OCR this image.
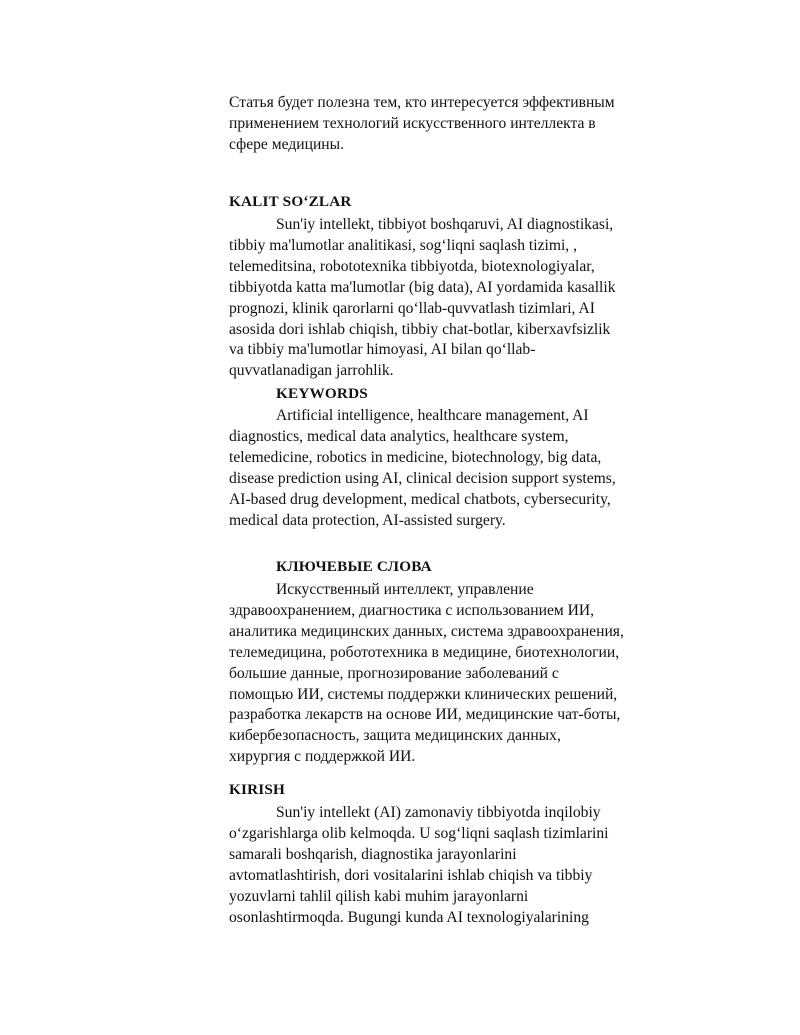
Статья будет полезна тем, кто интересуется эффективным применением технологий искусственного интеллекта в сфере медицины.

KALIT SO‘ZLAR

Sun'iy intellekt, tibbiyot boshqaruvi, AI diagnostikasi, tibbiy ma'lumotlar analitikasi, sog‘liqni saqlash tizimi, , telemeditsina, robototexnika tibbiyotda, biotexnologiyalar, tibbiyotda katta ma'lumotlar (big data), AI yordamida kasallik prognozi, klinik qarorlarni qo‘llab-quvvatlash tizimlari, AI asosida dori ishlab chiqish, tibbiy chat-botlar, kiberxavfsizlik va tibbiy ma'lumotlar himoyasi, AI bilan qo‘llab-quvvatlanadigan jarrohlik.

KEYWORDS

Artificial intelligence, healthcare management, AI diagnostics, medical data analytics, healthcare system, telemedicine, robotics in medicine, biotechnology, big data, disease prediction using AI, clinical decision support systems, AI-based drug development, medical chatbots, cybersecurity, medical data protection, AI-assisted surgery.

КЛЮЧЕВЫЕ СЛОВА

Искусственный интеллект, управление здравоохранением, диагностика с использованием ИИ, аналитика медицинских данных, система здравоохранения, телемедицина, робототехника в медицине, биотехнологии, большие данные, прогнозирование заболеваний с помощью ИИ, системы поддержки клинических решений, разработка лекарств на основе ИИ, медицинские чат-боты, кибербезопасность, защита медицинских данных, хирургия с поддержкой ИИ.

KIRISH

Sun'iy intellekt (AI) zamonaviy tibbiyotda inqilobiy o‘zgarishlarga olib kelmoqda. U sog‘liqni saqlash tizimlarini samarali boshqarish, diagnostika jarayonlarini avtomatlashtirish, dori vositalarini ishlab chiqish va tibbiy yozuvlarni tahlil qilish kabi muhim jarayonlarni osonlashtirmoqda. Bugungi kunda AI texnologiyalarining
